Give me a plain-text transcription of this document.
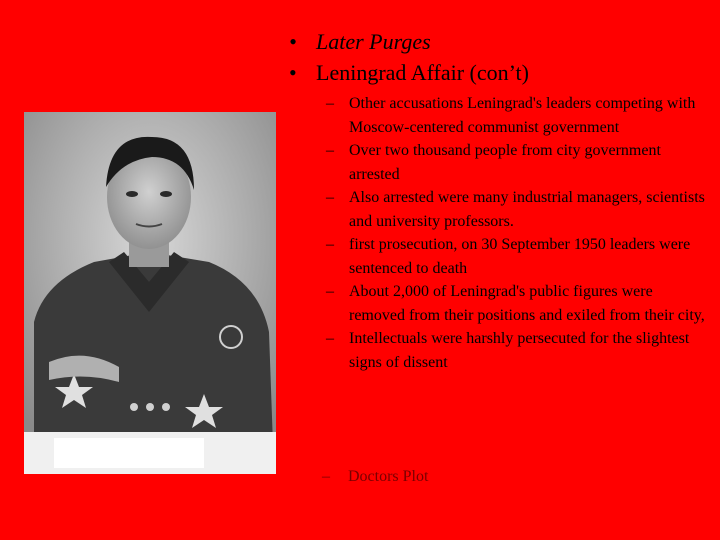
• Later Purges
• Leningrad Affair (con’t)
– Other accusations Leningrad's leaders competing with Moscow-centered communist government
– Over two thousand people from city government arrested
– Also arrested were many industrial managers, scientists and university professors.
– first prosecution, on 30 September 1950 leaders were sentenced to death
– About 2,000 of Leningrad's public figures were removed from their positions and exiled from their city,
– Intellectuals were harshly persecuted for the slightest signs of dissent
– Doctors Plot
